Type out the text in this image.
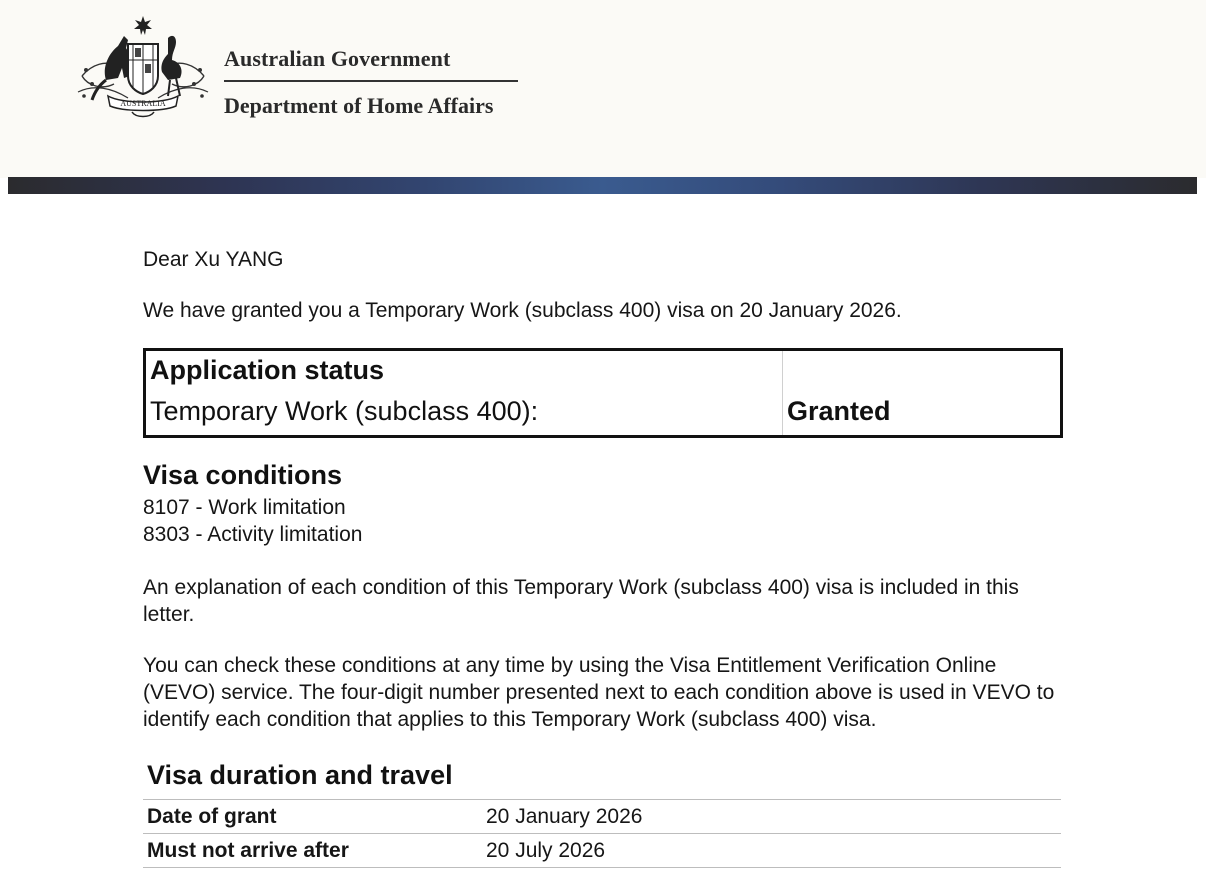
AUSTRALIA
Australian Government
Department of Home Affairs
Dear Xu YANG
We have granted you a Temporary Work (subclass 400) visa on 20 January 2026.
Application status
Temporary Work (subclass 400):	Granted
Visa conditions
8107 - Work limitation
8303 - Activity limitation

An explanation of each condition of this Temporary Work (subclass 400) visa is included in this letter.

You can check these conditions at any time by using the Visa Entitlement Verification Online (VEVO) service. The four-digit number presented next to each condition above is used in VEVO to identify each condition that applies to this Temporary Work (subclass 400) visa.

Visa duration and travel
Date of grant	20 January 2026
Must not arrive after	20 July 2026
